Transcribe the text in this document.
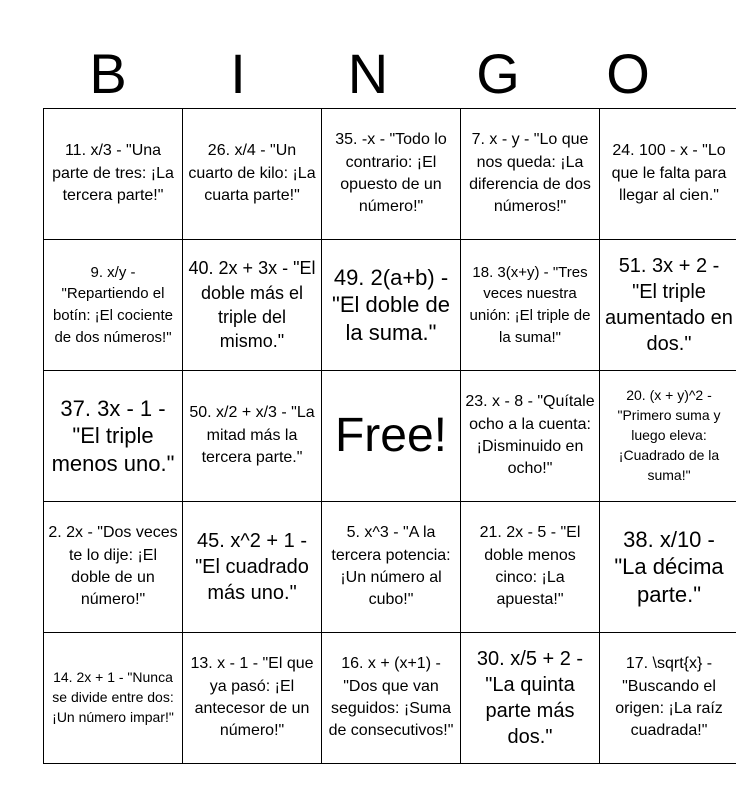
B	I	N	G	O
11. x/3 - "Una parte de tres: ¡La tercera parte!"	26. x/4 - "Un cuarto de kilo: ¡La cuarta parte!"	35. -x - "Todo lo contrario: ¡El opuesto de un número!"	7. x - y - "Lo que nos queda: ¡La diferencia de dos números!"	24. 100 - x - "Lo que le falta para llegar al cien."
9. x/y - "Repartiendo el botín: ¡El cociente de dos números!"	40. 2x + 3x - "El doble más el triple del mismo."	49. 2(a+b) - "El doble de la suma."	18. 3(x+y) - "Tres veces nuestra unión: ¡El triple de la suma!"	51. 3x + 2 - "El triple aumentado en dos."
37. 3x - 1 - "El triple menos uno."	50. x/2 + x/3 - "La mitad más la tercera parte."	Free!	23. x - 8 - "Quítale ocho a la cuenta: ¡Disminuido en ocho!"	20. (x + y)^2 - "Primero suma y luego eleva: ¡Cuadrado de la suma!"
2. 2x - "Dos veces te lo dije: ¡El doble de un número!"	45. x^2 + 1 - "El cuadrado más uno."	5. x^3 - "A la tercera potencia: ¡Un número al cubo!"	21. 2x - 5 - "El doble menos cinco: ¡La apuesta!"	38. x/10 - "La décima parte."
14. 2x + 1 - "Nunca se divide entre dos: ¡Un número impar!"	13. x - 1 - "El que ya pasó: ¡El antecesor de un número!"	16. x + (x+1) - "Dos que van seguidos: ¡Suma de consecutivos!"	30. x/5 + 2 - "La quinta parte más dos."	17. \sqrt{x} - "Buscando el origen: ¡La raíz cuadrada!"
